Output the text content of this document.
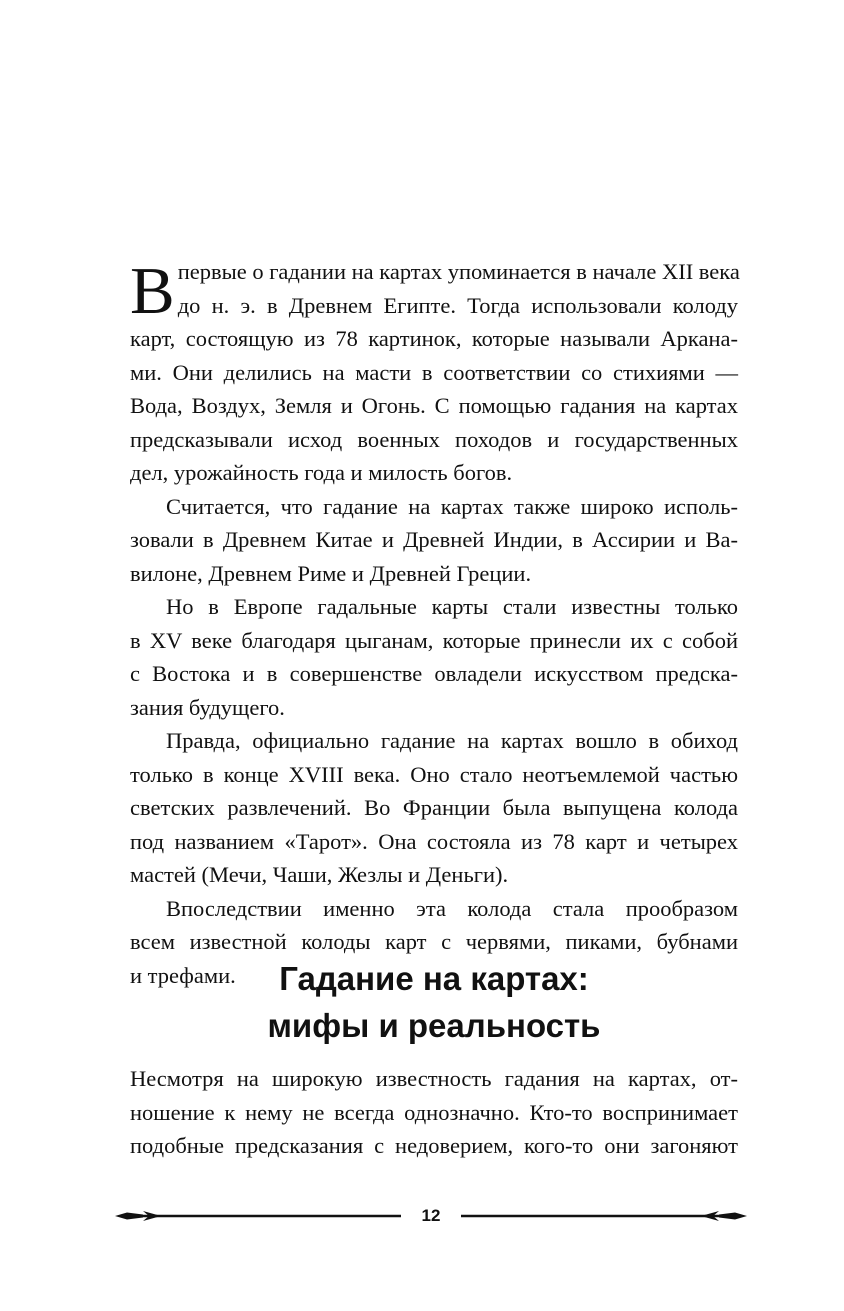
В первые о гадании на картах упоминается в начале XII века
до н. э. в Древнем Египте. Тогда использовали колоду
карт, состоящую из 78 картинок, которые называли Аркана-
ми. Они делились на масти в соответствии со стихиями —
Вода, Воздух, Земля и Огонь. С помощью гадания на картах
предсказывали исход военных походов и государственных
дел, урожайность года и милость богов.
Считается, что гадание на картах также широко исполь-
зовали в Древнем Китае и Древней Индии, в Ассирии и Ва-
вилоне, Древнем Риме и Древней Греции.
Но в Европе гадальные карты стали известны только
в XV веке благодаря цыганам, которые принесли их с собой
с Востока и в совершенстве овладели искусством предска-
зания будущего.
Правда, официально гадание на картах вошло в обиход
только в конце XVIII века. Оно стало неотъемлемой частью
светских развлечений. Во Франции была выпущена колода
под названием «Тарот». Она состояла из 78 карт и четырех
мастей (Мечи, Чаши, Жезлы и Деньги).
Впоследствии именно эта колода стала прообразом
всем известной колоды карт с червями, пиками, бубнами
и трефами.	Гадание на картах:
мифы и реальность
Несмотря на широкую известность гадания на картах, от-
ношение к нему не всегда однозначно. Кто-то воспринимает
подобные предсказания с недоверием, кого-то они загоняют
12
